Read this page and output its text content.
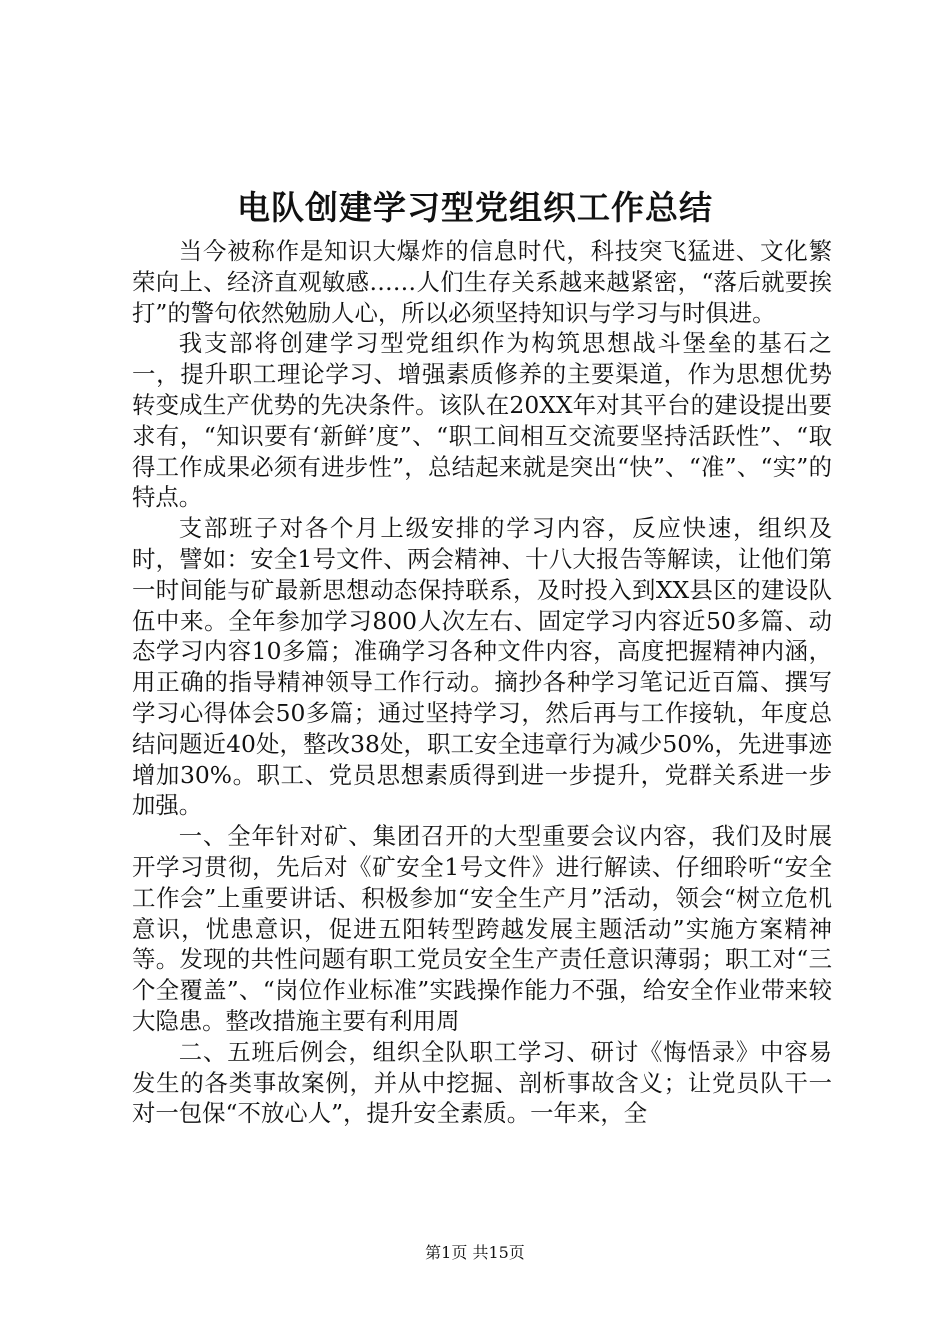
电队创建学习型党组织工作总结

当今被称作是知识大爆炸的信息时代，科技突飞猛进、文化繁荣向上、经济直观敏感……人们生存关系越来越紧密，“落后就要挨打”的警句依然勉励人心，所以必须坚持知识与学习与时俱进。

我支部将创建学习型党组织作为构筑思想战斗堡垒的基石之一，提升职工理论学习、增强素质修养的主要渠道，作为思想优势转变成生产优势的先决条件。该队在20XX年对其平台的建设提出要求有，“知识要有‘新鲜’度”、“职工间相互交流要坚持活跃性”、“取得工作成果必须有进步性”，总结起来就是突出“快”、“准”、“实”的特点。

支部班子对各个月上级安排的学习内容，反应快速，组织及时，譬如：安全1号文件、两会精神、十八大报告等解读，让他们第一时间能与矿最新思想动态保持联系，及时投入到XX县区的建设队伍中来。全年参加学习800人次左右、固定学习内容近50多篇、动态学习内容10多篇；准确学习各种文件内容，高度把握精神内涵，用正确的指导精神领导工作行动。摘抄各种学习笔记近百篇、撰写学习心得体会50多篇；通过坚持学习，然后再与工作接轨，年度总结问题近40处，整改38处，职工安全违章行为减少50%，先进事迹增加30%。职工、党员思想素质得到进一步提升，党群关系进一步加强。

一、全年针对矿、集团召开的大型重要会议内容，我们及时展开学习贯彻，先后对《矿安全1号文件》进行解读、仔细聆听“安全工作会”上重要讲话、积极参加“安全生产月”活动，领会“树立危机意识，忧患意识，促进五阳转型跨越发展主题活动”实施方案精神等。发现的共性问题有职工党员安全生产责任意识薄弱；职工对“三个全覆盖”、“岗位作业标准”实践操作能力不强，给安全作业带来较大隐患。整改措施主要有利用周

二、五班后例会，组织全队职工学习、研讨《悔悟录》中容易发生的各类事故案例，并从中挖掘、剖析事故含义；让党员队干一对一包保“不放心人”，提升安全素质。一年来，全

第1页 共15页
